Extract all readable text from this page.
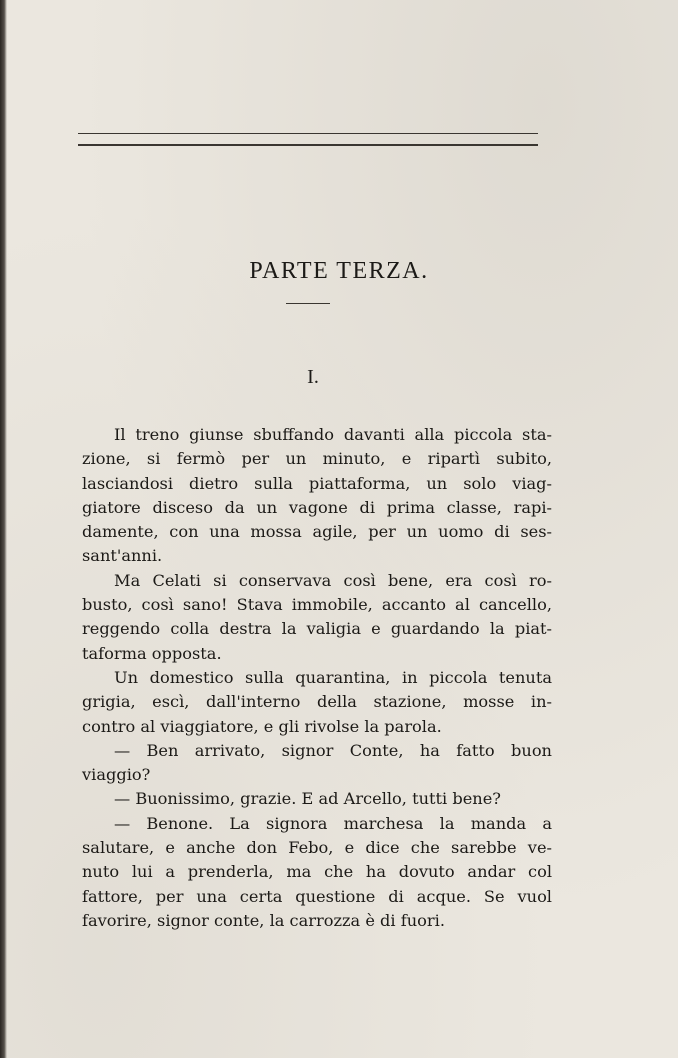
PARTE TERZA.
I.

Il treno giunse sbuffando davanti alla piccola sta-
zione, si fermò per un minuto, e ripartì subito,
lasciandosi dietro sulla piattaforma, un solo viag-
giatore disceso da un vagone di prima classe, rapi-
damente, con una mossa agile, per un uomo di ses-
sant'anni.

Ma Celati si conservava così bene, era così ro-
busto, così sano! Stava immobile, accanto al cancello,
reggendo colla destra la valigia e guardando la piat-
taforma opposta.

Un domestico sulla quarantina, in piccola tenuta
grigia, escì, dall'interno della stazione, mosse in-
contro al viaggiatore, e gli rivolse la parola.

— Ben arrivato, signor Conte, ha fatto buon
viaggio?

— Buonissimo, grazie. E ad Arcello, tutti bene?

— Benone. La signora marchesa la manda a
salutare, e anche don Febo, e dice che sarebbe ve-
nuto lui a prenderla, ma che ha dovuto andar col
fattore, per una certa questione di acque. Se vuol
favorire, signor conte, la carrozza è di fuori.
